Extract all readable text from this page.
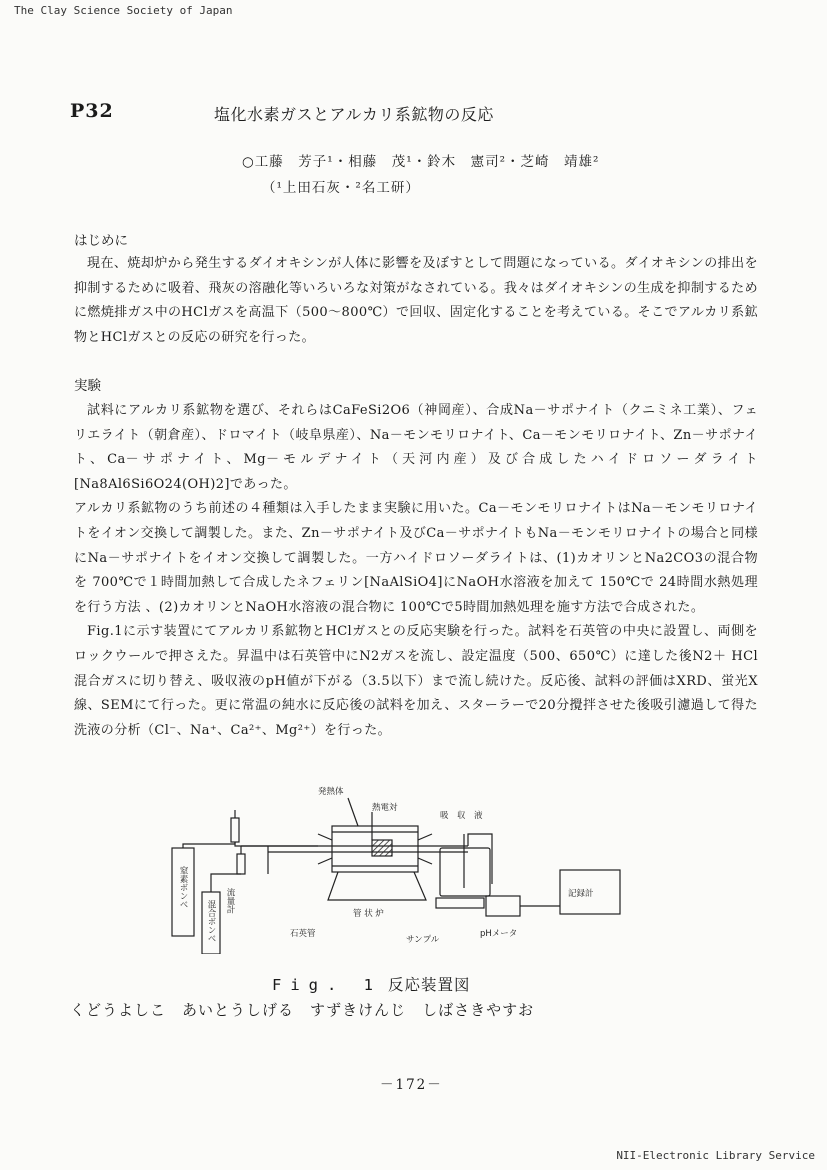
The Clay Science Society of Japan
P32	塩化水素ガスとアルカリ系鉱物の反応
○工藤　芳子¹・相藤　茂¹・鈴木　憲司²・芝崎　靖雄²
（¹上田石灰・²名工研）
はじめに

現在、焼却炉から発生するダイオキシンが人体に影響を及ぼすとして問題になっている。ダイオキシンの排出を抑制するために吸着、飛灰の溶融化等いろいろな対策がなされている。我々はダイオキシンの生成を抑制するために燃焼排ガス中のHClガスを高温下（500～800℃）で回収、固定化することを考えている。そこでアルカリ系鉱物とHClガスとの反応の研究を行った。

実験

試料にアルカリ系鉱物を選び、それらはCaFeSi2O6（神岡産）、合成Na－サポナイト（クニミネ工業）、フェリエライト（朝倉産）、ドロマイト（岐阜県産）、Na－モンモリロナイト、Ca－モンモリロナイト、Zn－サポナイト、Ca－サポナイト、Mg－モルデナイト（天河内産）及び合成したハイドロソーダライト[Na8Al6Si6O24(OH)2]であった。

アルカリ系鉱物のうち前述の４種類は入手したまま実験に用いた。Ca－モンモリロナイトはNa－モンモリロナイトをイオン交換して調製した。また、Zn－サポナイト及びCa－サポナイトもNa－モンモリロナイトの場合と同様にNa－サポナイトをイオン交換して調製した。一方ハイドロソーダライトは、(1)カオリンとNa2CO3の混合物を 700℃で１時間加熱して合成したネフェリン[NaAlSiO4]にNaOH水溶液を加えて 150℃で 24時間水熱処理を行う方法 、(2)カオリンとNaOH水溶液の混合物に 100℃で5時間加熱処理を施す方法で合成された。

Fig.1に示す装置にてアルカリ系鉱物とHClガスとの反応実験を行った。試料を石英管の中央に設置し、両側をロックウールで押さえた。昇温中は石英管中にN2ガスを流し、設定温度（500、650℃）に達した後N2＋ HCl混合ガスに切り替え、吸収液のpH値が下がる（3.5以下）まで流し続けた。反応後、試料の評価はXRD、蛍光X線、SEMにて行った。更に常温の純水に反応後の試料を加え、スターラーで20分攪拌させた後吸引濾過して得た洗液の分析（Cl⁻、Na⁺、Ca²⁺、Mg²⁺）を行った。

発熱体
熱電対
吸　収　液
管 状 炉
石英管
サンプル
pHメータ
記録計
窒素ボンベ
混合ボンベ 流量計
Fig. 1 反応装置図
くどうよしこ　あいとうしげる　すずきけんじ　しばさきやすお
－172－
NII-Electronic Library Service
